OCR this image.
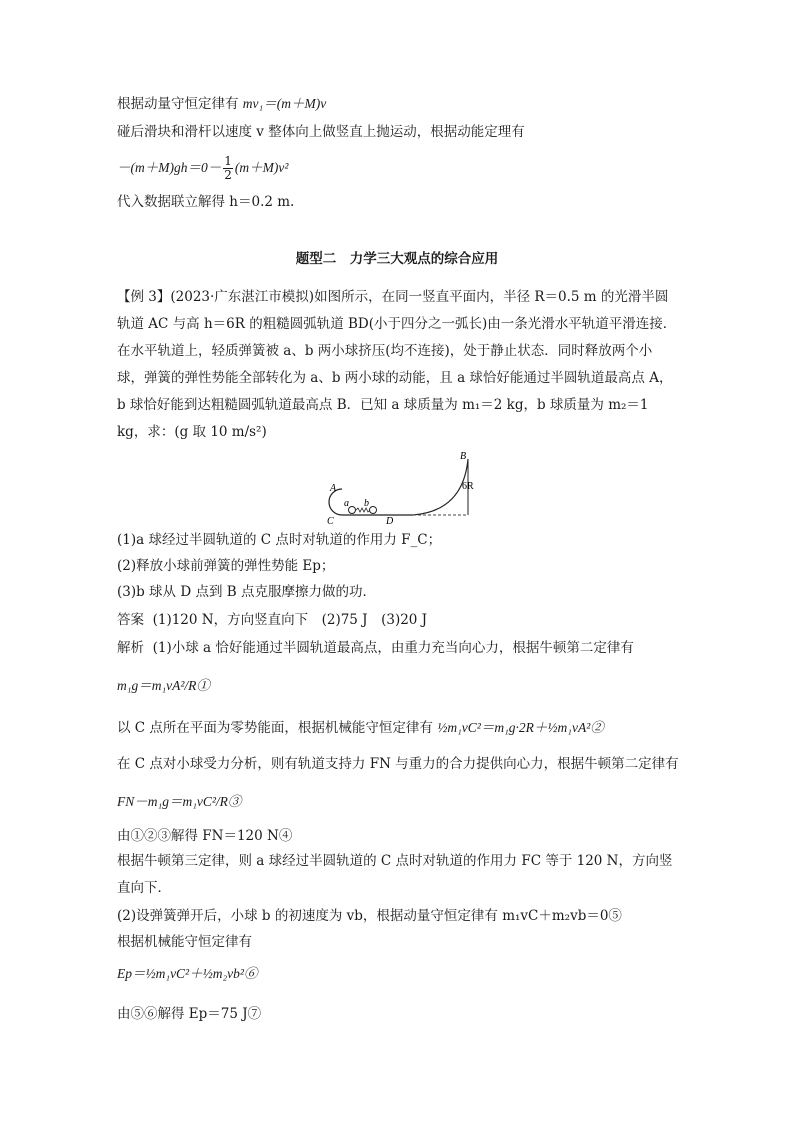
根据动量守恒定律有 mv₁＝(m＋M)v
碰后滑块和滑杆以速度 v 整体向上做竖直上抛运动，根据动能定理有
$-(m+M)gh=0- \frac{1}{2} (m+M)v^2$
代入数据联立解得 h＝0.2 m.
题型二　力学三大观点的综合应用
【例 3】(2023·广东湛江市模拟)如图所示，在同一竖直平面内，半径 R＝0.5 m 的光滑半圆轨道 AC 与高 h＝6R 的粗糙圆弧轨道 BD(小于四分之一弧长)由一条光滑水平轨道平滑连接．在水平轨道上，轻质弹簧被 a、b 两小球挤压(均不连接)，处于静止状态．同时释放两个小球，弹簧的弹性势能全部转化为 a、b 两小球的动能，且 a 球恰好能通过半圆轨道最高点 A，b 球恰好能到达粗糙圆弧轨道最高点 B．已知 a 球质量为 m₁＝2 kg，b 球质量为 m₂＝1 kg，求：(g 取 10 m/s²)
A
C
a b
D
B
6R
(1)a 球经过半圆轨道的 C 点时对轨道的作用力 F_C；
(2)释放小球前弹簧的弹性势能 Ep；
(3)b 球从 D 点到 B 点克服摩擦力做的功．
答案 (1)120 N，方向竖直向下　(2)75 J　(3)20 J
解析 (1)小球 a 恰好能通过半圆轨道最高点，由重力充当向心力，根据牛顿第二定律有
m₁g＝m₁vA²/R①
以 C 点所在平面为零势能面，根据机械能守恒定律有 ½m₁vC²＝m₁g·2R＋½m₁vA²②
在 C 点对小球受力分析，则有轨道支持力 FN 与重力的合力提供向心力，根据牛顿第二定律有
FN－m₁g＝m₁vC²/R③
由①②③解得 FN＝120 N④
根据牛顿第三定律，则 a 球经过半圆轨道的 C 点时对轨道的作用力 FC 等于 120 N，方向竖直向下．
(2)设弹簧弹开后，小球 b 的初速度为 vb，根据动量守恒定律有 m₁vC＋m₂vb＝0⑤
根据机械能守恒定律有
Ep＝½m₁vC²＋½m₂vb²⑥
由⑤⑥解得 Ep＝75 J⑦
